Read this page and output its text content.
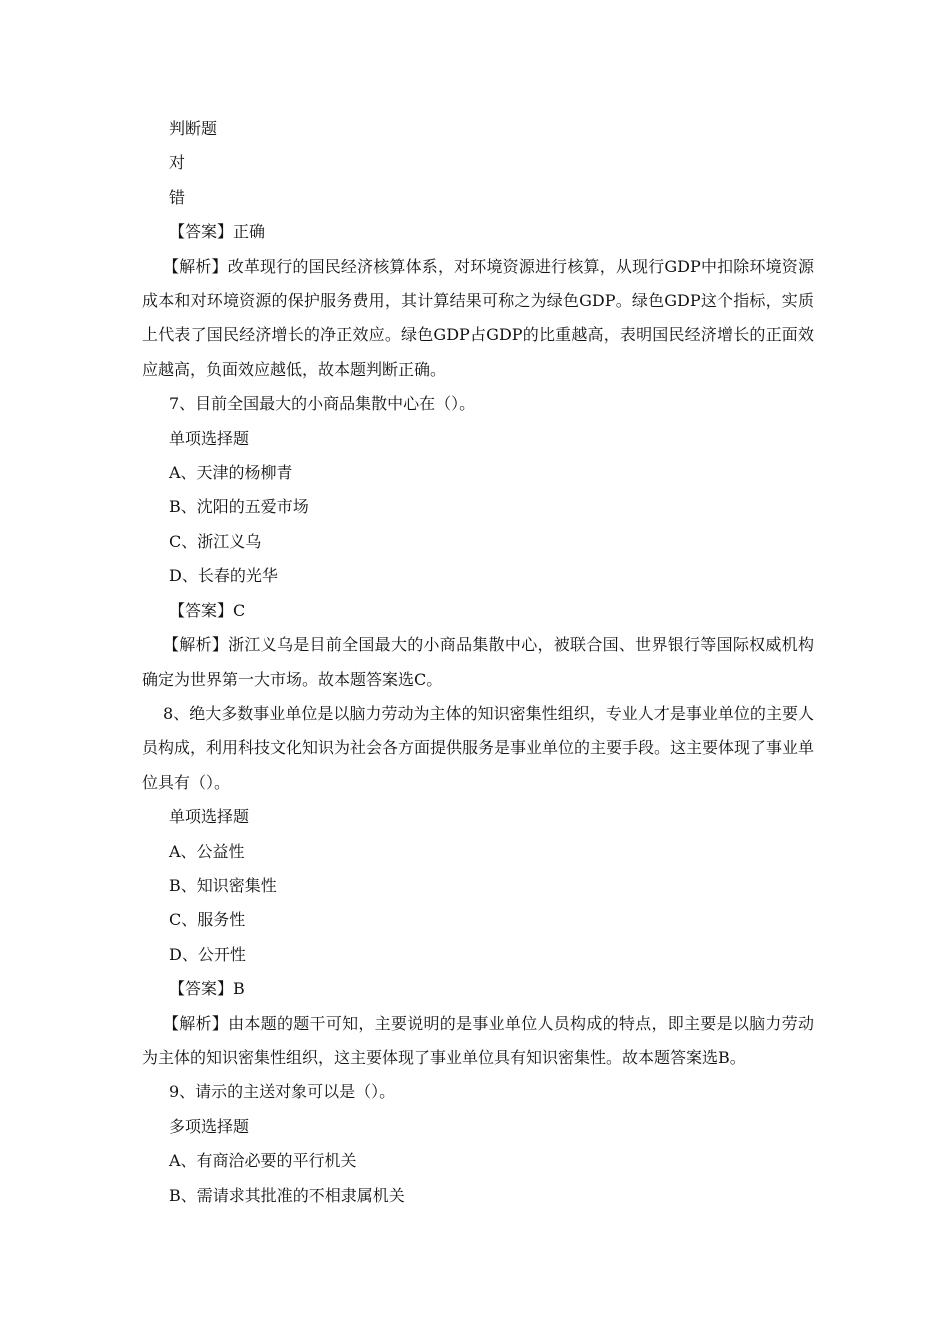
判断题
对
错
【答案】正确
【解析】改革现行的国民经济核算体系，对环境资源进行核算，从现行GDP中扣除环境资源成本和对环境资源的保护服务费用，其计算结果可称之为绿色GDP。绿色GDP这个指标，实质上代表了国民经济增长的净正效应。绿色GDP占GDP的比重越高，表明国民经济增长的正面效应越高，负面效应越低，故本题判断正确。
7、目前全国最大的小商品集散中心在（）。
单项选择题
A、天津的杨柳青
B、沈阳的五爱市场
C、浙江义乌
D、长春的光华
【答案】C
【解析】浙江义乌是目前全国最大的小商品集散中心，被联合国、世界银行等国际权威机构确定为世界第一大市场。故本题答案选C。
8、绝大多数事业单位是以脑力劳动为主体的知识密集性组织，专业人才是事业单位的主要人员构成，利用科技文化知识为社会各方面提供服务是事业单位的主要手段。这主要体现了事业单位具有（）。
单项选择题
A、公益性
B、知识密集性
C、服务性
D、公开性
【答案】B
【解析】由本题的题干可知，主要说明的是事业单位人员构成的特点，即主要是以脑力劳动为主体的知识密集性组织，这主要体现了事业单位具有知识密集性。故本题答案选B。
9、请示的主送对象可以是（）。
多项选择题
A、有商洽必要的平行机关
B、需请求其批准的不相隶属机关
